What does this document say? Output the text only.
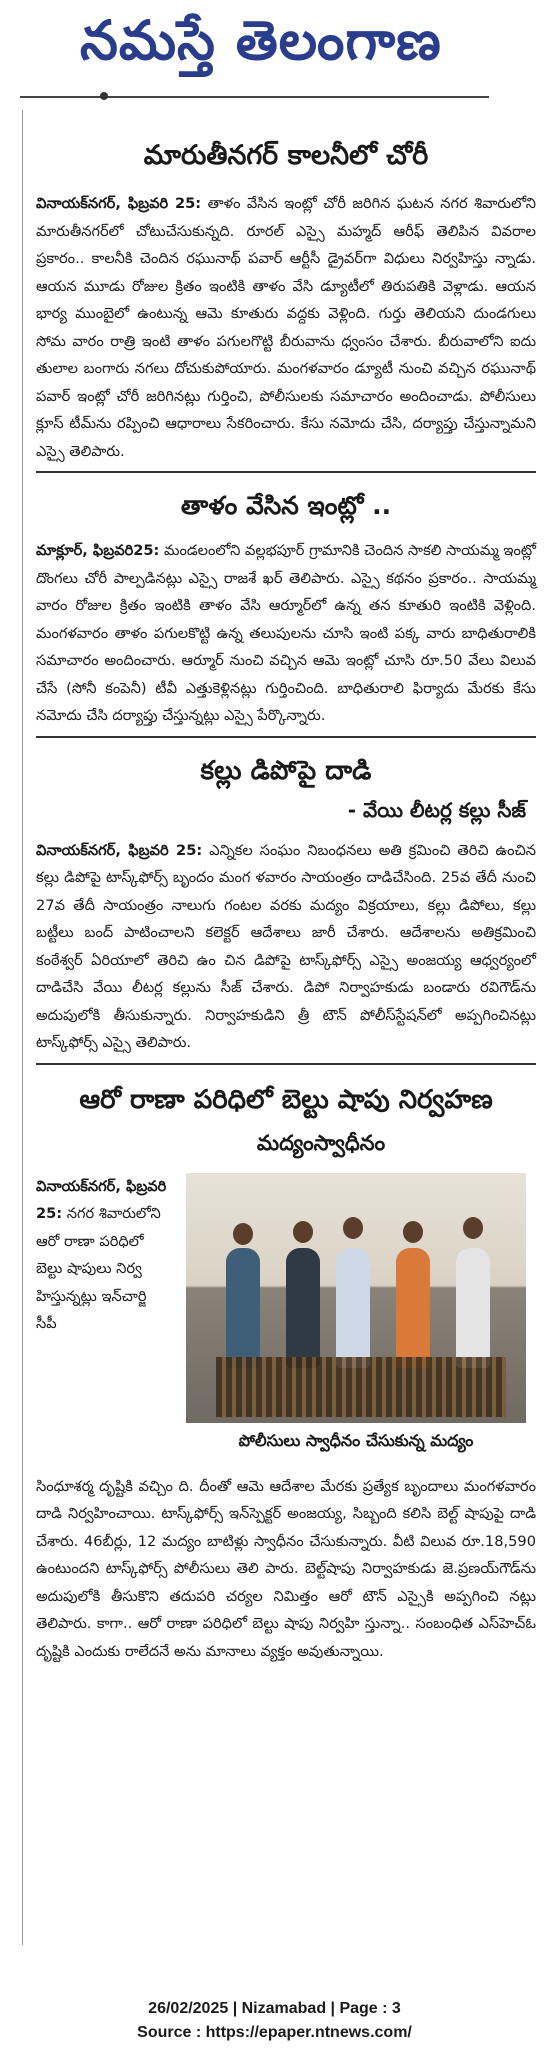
నమస్తే తెలంగాణ
మారుతీనగర్ కాలనీలో చోరీ

వినాయక్‌నగర్, ఫిబ్రవరి 25: తాళం వేసిన ఇంట్లో చోరీ జరిగిన ఘటన నగర శివారులోని మారుతీనగర్‌లో చోటుచేసుకున్నది. రూరల్ ఎస్సై మహ్మద్ ఆరీఫ్ తెలిపిన వివరాల ప్రకారం.. కాలనీకి చెందిన రఘునాథ్ పవార్ ఆర్టీసీ డ్రైవర్‌గా విధులు నిర్వహిస్తు న్నాడు. ఆయన మూడు రోజుల క్రితం ఇంటికి తాళం వేసి డ్యూటీలో తిరుపతికి వెళ్లాడు. ఆయన భార్య ముంబైలో ఉంటున్న ఆమె కూతురు వద్దకు వెళ్లింది. గుర్తు తెలియని దుండగులు సోమ వారం రాత్రి ఇంటి తాళం పగులగొట్టి బీరువాను ధ్వంసం చేశారు. బీరువాలోని ఐదు తులాల బంగారు నగలు దోచుకుపోయారు. మంగళవారం డ్యూటీ నుంచి వచ్చిన రఘునాథ్ పవార్ ఇంట్లో చోరీ జరిగినట్లు గుర్తించి, పోలీసులకు సమాచారం అందించాడు. పోలీసులు క్లూస్ టీమ్‌ను రప్పించి ఆధారాలు సేకరించారు. కేసు నమోదు చేసి, దర్యాప్తు చేస్తున్నామని ఎస్సై తెలిపారు.

తాళం వేసిన ఇంట్లో ..

మాక్లూర్, ఫిబ్రవరి25: మండలంలోని వల్లభపూర్ గ్రామానికి చెందిన సాకలి సాయమ్మ ఇంట్లో దొంగలు చోరీ పాల్పడినట్లు ఎస్సై రాజశే ఖర్ తెలిపారు. ఎస్సై కథనం ప్రకారం.. సాయమ్మ వారం రోజుల క్రితం ఇంటికి తాళం వేసి ఆర్మూర్‌లో ఉన్న తన కూతురి ఇంటికి వెళ్లింది. మంగళవారం తాళం పగులకొట్టి ఉన్న తలుపులను చూసి ఇంటి పక్క వారు బాధితురాలికి సమాచారం అందించారు. ఆర్మూర్ నుంచి వచ్చిన ఆమె ఇంట్లో చూసి రూ.50 వేలు విలువ చేసే (సోనీ కంపెనీ) టీవీ ఎత్తుకెళ్లినట్లు గుర్తించింది. బాధితురాలి ఫిర్యాదు మేరకు కేసు నమోదు చేసి దర్యాప్తు చేస్తున్నట్లు ఎస్సై పేర్కొన్నారు.

కల్లు డిపోపై దాడి
- వేయి లీటర్ల కల్లు సీజ్

వినాయక్‌నగర్, ఫిబ్రవరి 25: ఎన్నికల సంఘం నిబంధనలు అతి క్రమించి తెరిచి ఉంచిన కల్లు డిపోపై టాస్క్‌ఫోర్స్ బృందం మంగ ళవారం సాయంత్రం దాడిచేసింది. 25వ తేదీ నుంచి 27వ తేదీ సాయంత్రం నాలుగు గంటల వరకు మద్యం విక్రయాలు, కల్లు డిపోలు, కల్లు బట్టీలు బంద్ పాటించాలని కలెక్టర్ ఆదేశాలు జారీ చేశారు. ఆదేశాలను అతిక్రమించి కంఠేశ్వర్ ఏరియాలో తెరిచి ఉం చిన డిపోపై టాస్క్‌ఫోర్స్ ఎస్సై అంజయ్య ఆధ్వర్యంలో దాడిచేసి వేయి లీటర్ల కల్లును సీజ్ చేశారు. డిపో నిర్వాహకుడు బండారు రవిగౌడ్‌ను అదుపులోకి తీసుకున్నారు. నిర్వాహకుడిని త్రీ టౌన్ పోలీస్‌స్టేషన్‌లో అప్పగించినట్లు టాస్క్‌ఫోర్స్ ఎస్సై తెలిపారు.

ఆరో రాణా పరిధిలో బెల్టు షాపు నిర్వహణ
మద్యంస్వాధీనం

వినాయక్‌నగర్, ఫిబ్రవరి 25: నగర శివారులోని ఆరో రాణా పరిధిలో బెల్టు షాపులు నిర్వ హిస్తున్నట్లు ఇన్‌చార్జి సీపీ

పోలీసులు స్వాధీనం చేసుకున్న మద్యం

సింధూశర్మ దృష్టికి వచ్చిం ది. దీంతో ఆమె ఆదేశాల మేరకు ప్రత్యేక బృందాలు మంగళవారం దాడి నిర్వహించాయి. టాస్క్‌ఫోర్స్ ఇన్‌స్పెక్టర్ అంజయ్య, సిబ్బంది కలిసి బెల్ట్ షాపుపై దాడి చేశారు. 46బీర్లు, 12 మద్యం బాటిళ్లు స్వాధీనం చేసుకున్నారు. వీటి విలువ రూ.18,590 ఉంటుందని టాస్క్‌ఫోర్స్ పోలీసులు తెలి పారు. బెల్ట్‌షాపు నిర్వాహకుడు జె.ప్రణయ్‌గౌడ్‌ను అదుపులోకి తీసుకొని తదుపరి చర్యల నిమిత్తం ఆరో టౌన్ ఎస్సైకి అప్పగించి నట్లు తెలిపారు. కాగా.. ఆరో రాణా పరిధిలో బెల్టు షాపు నిర్వహి స్తున్నా.. సంబంధిత ఎస్‌హెచ్‌ఓ దృష్టికి ఎందుకు రాలేదనే అను మానాలు వ్యక్తం అవుతున్నాయి.

26/02/2025 | Nizamabad | Page : 3
Source : https://epaper.ntnews.com/
